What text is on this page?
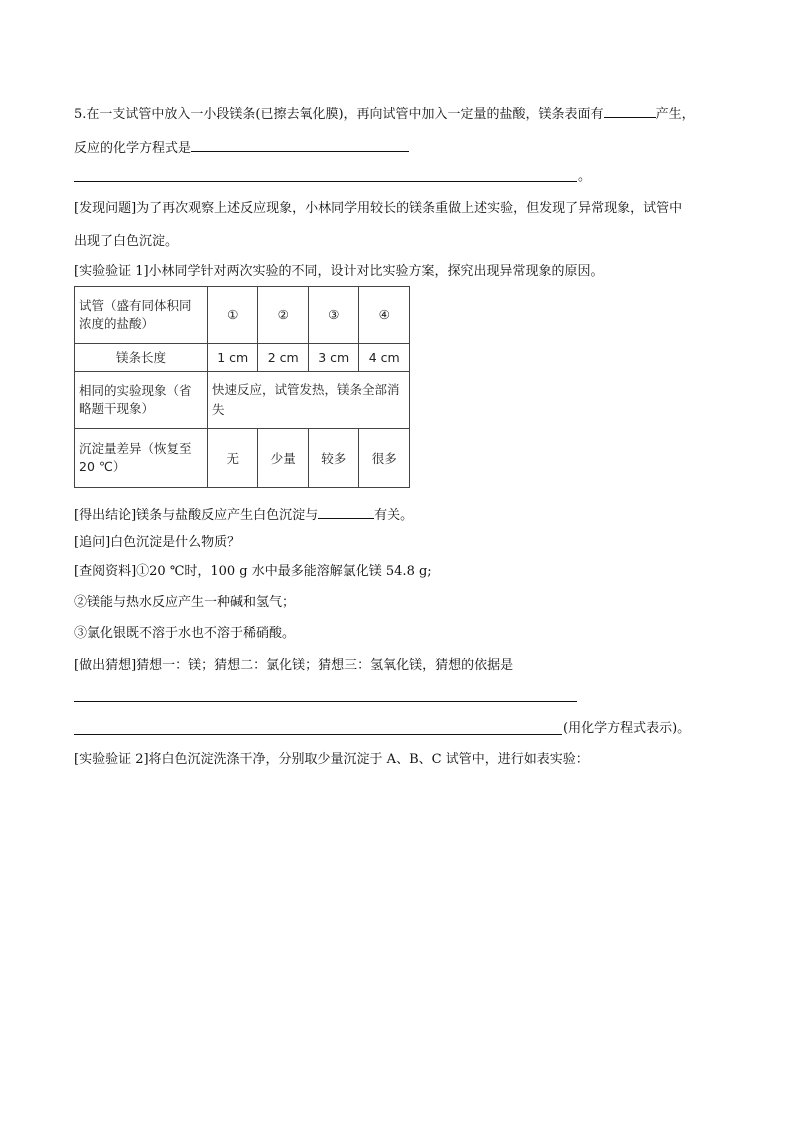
5.在一支试管中放入一小段镁条(已擦去氧化膜)，再向试管中加入一定量的盐酸，镁条表面有	产生，
反应的化学方程式是
。
[发现问题]为了再次观察上述反应现象，小林同学用较长的镁条重做上述实验，但发现了异常现象，试管中
出现了白色沉淀。
[实验验证 1]小林同学针对两次实验的不同，设计对比实验方案，探究出现异常现象的原因。
试管（盛有同体积同浓度的盐酸）	①	②	③	④
镁条长度	1 cm	2 cm	3 cm	4 cm
相同的实验现象（省略题干现象）	快速反应，试管发热，镁条全部消失			
沉淀量差异（恢复至20 ℃）	无	少量	较多	很多
[得出结论]镁条与盐酸反应产生白色沉淀与	有关。
[追问]白色沉淀是什么物质？
[查阅资料]①20 ℃时，100 g 水中最多能溶解氯化镁 54.8 g;
②镁能与热水反应产生一种碱和氢气；
③氯化银既不溶于水也不溶于稀硝酸。
[做出猜想]猜想一：镁；猜想二：氯化镁；猜想三：氢氧化镁，猜想的依据是
(用化学方程式表示)。
[实验验证 2]将白色沉淀洗涤干净，分别取少量沉淀于 A、B、C 试管中，进行如表实验：
